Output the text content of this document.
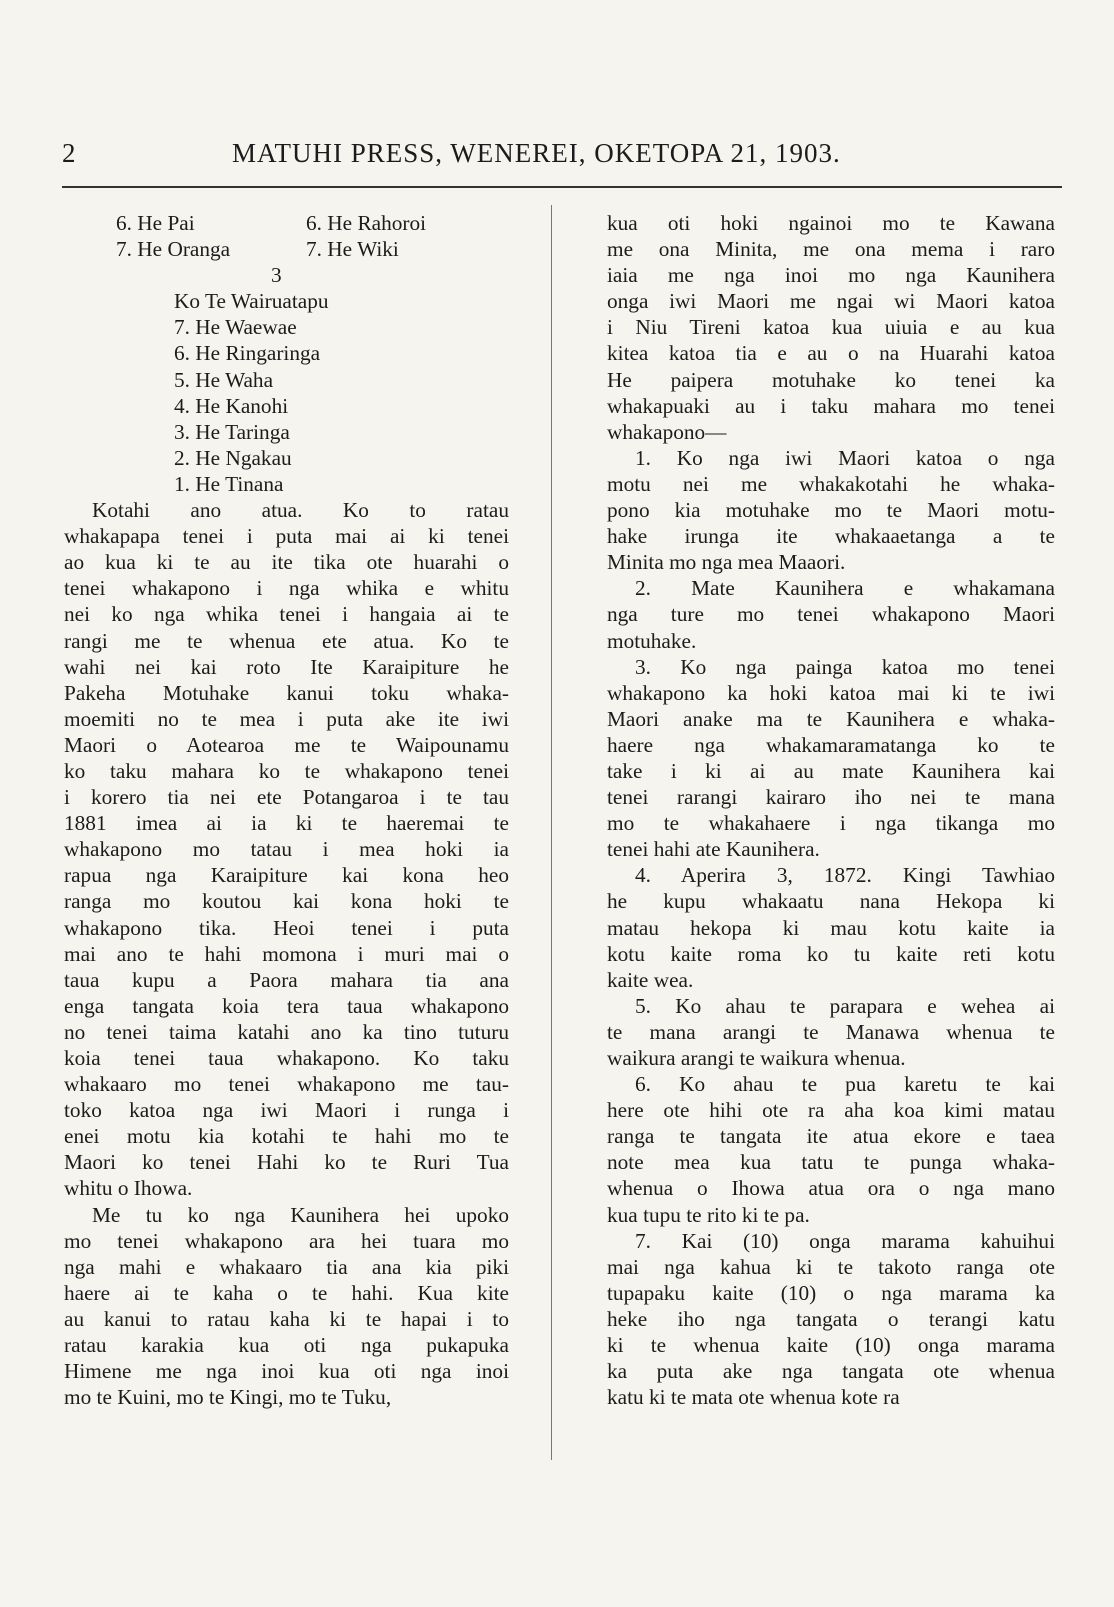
2	MATUHI PRESS, WENEREI, OKETOPA 21, 1903.
6. He Pai	6. He Rahoroi
7. He Oranga	7. He Wiki
3
Ko Te Wairuatapu
7. He Waewae
6. He Ringaringa
5. He Waha
4. He Kanohi
3. He Taringa
2. He Ngakau
1. He Tinana
Kotahi ano atua. Ko to ratau
whakapapa tenei i puta mai ai ki tenei
ao kua ki te au ite tika ote huarahi o
tenei whakapono i nga whika e whitu
nei ko nga whika tenei i hangaia ai te
rangi me te whenua ete atua. Ko te
wahi nei kai roto Ite Karaipiture he
Pakeha Motuhake kanui toku whaka-
moemiti no te mea i puta ake ite iwi
Maori o Aotearoa me te Waipounamu
ko taku mahara ko te whakapono tenei
i korero tia nei ete Potangaroa i te tau
1881 imea ai ia ki te haeremai te
whakapono mo tatau i mea hoki ia
rapua nga Karaipiture kai kona heo
ranga mo koutou kai kona hoki te
whakapono tika. Heoi tenei i puta
mai ano te hahi momona i muri mai o
taua kupu a Paora mahara tia ana
enga tangata koia tera taua whakapono
no tenei taima katahi ano ka tino tuturu
koia tenei taua whakapono. Ko taku
whakaaro mo tenei whakapono me tau-
toko katoa nga iwi Maori i runga i
enei motu kia kotahi te hahi mo te
Maori ko tenei Hahi ko te Ruri Tua
whitu o Ihowa.
Me tu ko nga Kaunihera hei upoko
mo tenei whakapono ara hei tuara mo
nga mahi e whakaaro tia ana kia piki
haere ai te kaha o te hahi. Kua kite
au kanui to ratau kaha ki te hapai i to
ratau karakia kua oti nga pukapuka
Himene me nga inoi kua oti nga inoi
mo te Kuini, mo te Kingi, mo te Tuku,
kua oti hoki ngainoi mo te Kawana
me ona Minita, me ona mema i raro
iaia me nga inoi mo nga Kaunihera
onga iwi Maori me ngai wi Maori katoa
i Niu Tireni katoa kua uiuia e au kua
kitea katoa tia e au o na Huarahi katoa
He paipera motuhake ko tenei ka
whakapuaki au i taku mahara mo tenei
whakapono—
1. Ko nga iwi Maori katoa o nga
motu nei me whakakotahi he whaka-
pono kia motuhake mo te Maori motu-
hake irunga ite whakaaetanga a te
Minita mo nga mea Maaori.
2. Mate Kaunihera e whakamana
nga ture mo tenei whakapono Maori
motuhake.
3. Ko nga painga katoa mo tenei
whakapono ka hoki katoa mai ki te iwi
Maori anake ma te Kaunihera e whaka-
haere nga whakamaramatanga ko te
take i ki ai au mate Kaunihera kai
tenei rarangi kairaro iho nei te mana
mo te whakahaere i nga tikanga mo
tenei hahi ate Kaunihera.
4. Aperira 3, 1872. Kingi Tawhiao
he kupu whakaatu nana Hekopa ki
matau hekopa ki mau kotu kaite ia
kotu kaite roma ko tu kaite reti kotu
kaite wea.
5. Ko ahau te parapara e wehea ai
te mana arangi te Manawa whenua te
waikura arangi te waikura whenua.
6. Ko ahau te pua karetu te kai
here ote hihi ote ra aha koa kimi matau
ranga te tangata ite atua ekore e taea
note mea kua tatu te punga whaka-
whenua o Ihowa atua ora o nga mano
kua tupu te rito ki te pa.
7. Kai (10) onga marama kahuihui
mai nga kahua ki te takoto ranga ote
tupapaku kaite (10) o nga marama ka
heke iho nga tangata o terangi katu
ki te whenua kaite (10) onga marama
ka puta ake nga tangata ote whenua
katu ki te mata ote whenua kote ra
